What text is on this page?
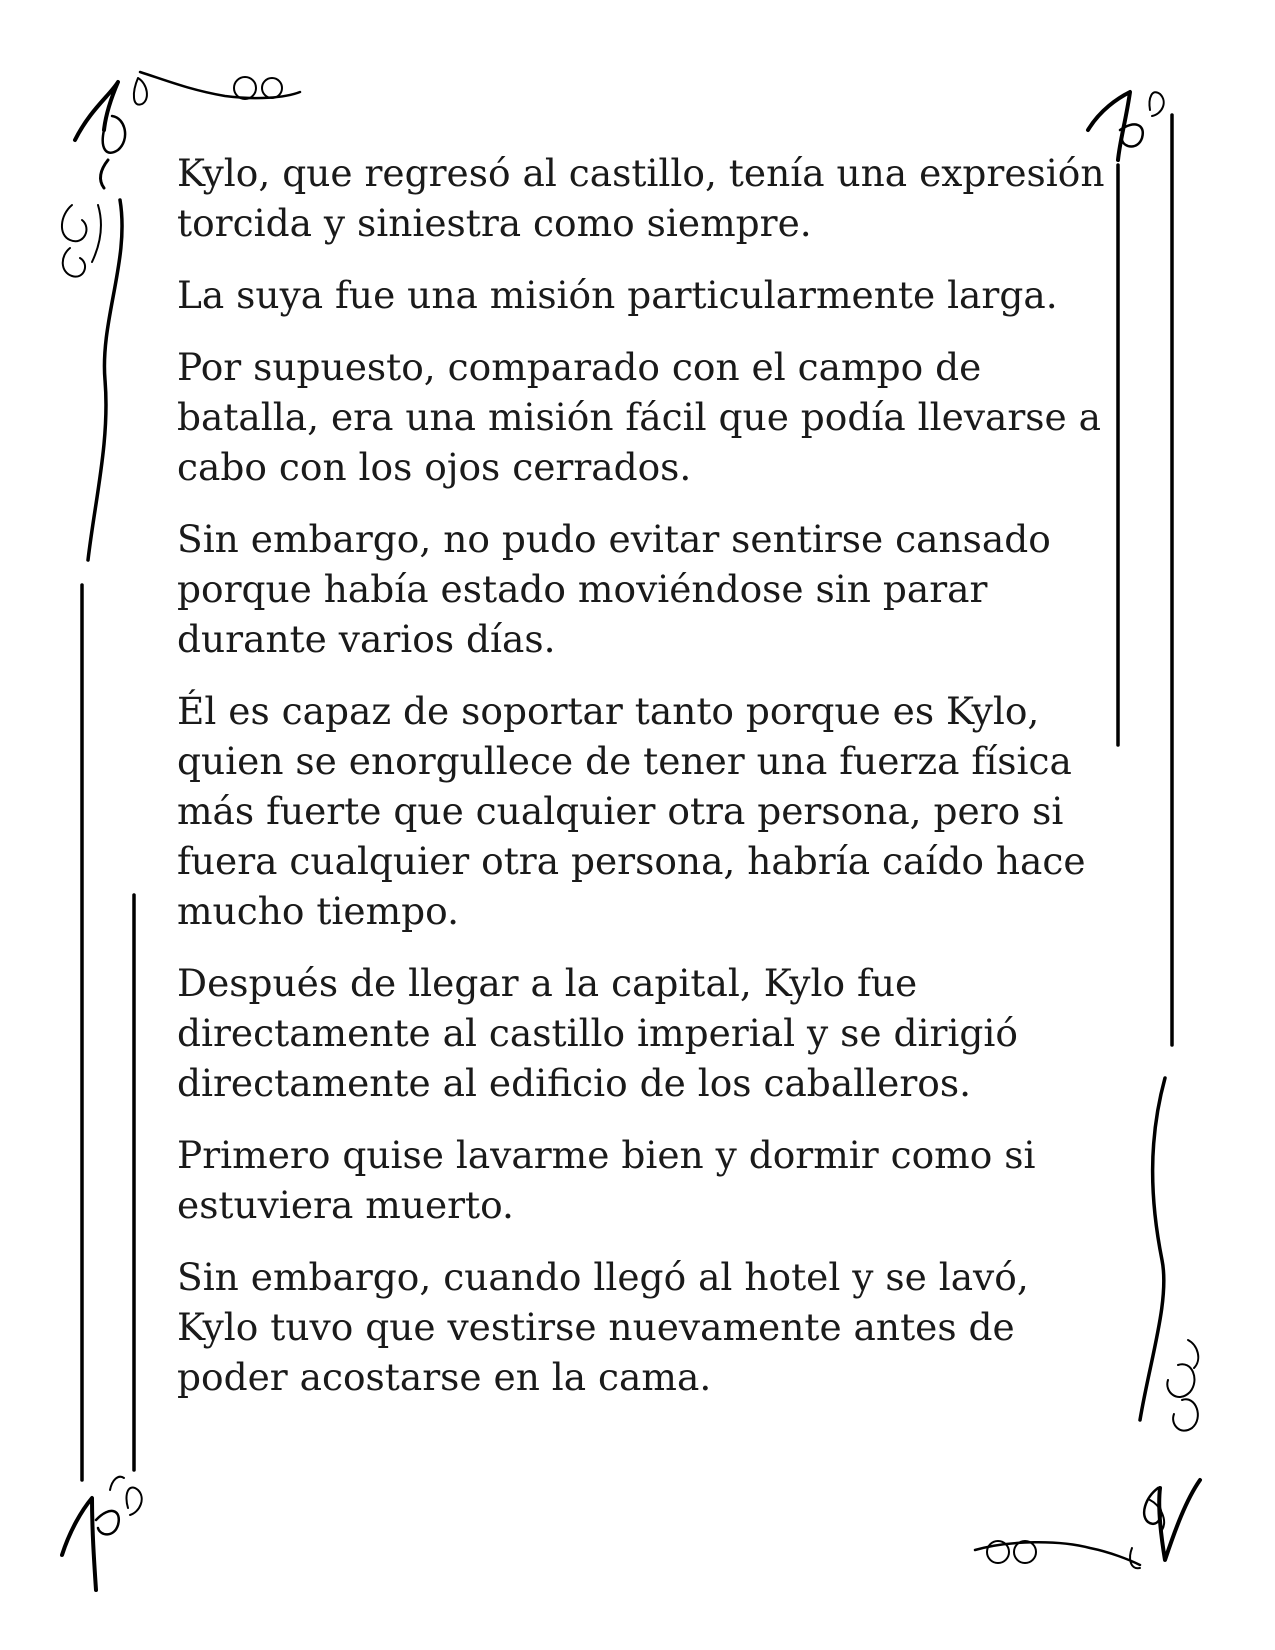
Kylo, que regresó al castillo, tenía una expresión torcida y siniestra como siempre.

La suya fue una misión particularmente larga.

Por supuesto, comparado con el campo de batalla, era una misión fácil que podía llevarse a cabo con los ojos cerrados.

Sin embargo, no pudo evitar sentirse cansado porque había estado moviéndose sin parar durante varios días.

Él es capaz de soportar tanto porque es Kylo, quien se enorgullece de tener una fuerza física más fuerte que cualquier otra persona, pero si fuera cualquier otra persona, habría caído hace mucho tiempo.

Después de llegar a la capital, Kylo fue directamente al castillo imperial y se dirigió directamente al edificio de los caballeros.

Primero quise lavarme bien y dormir como si estuviera muerto.

Sin embargo, cuando llegó al hotel y se lavó, Kylo tuvo que vestirse nuevamente antes de poder acostarse en la cama.
